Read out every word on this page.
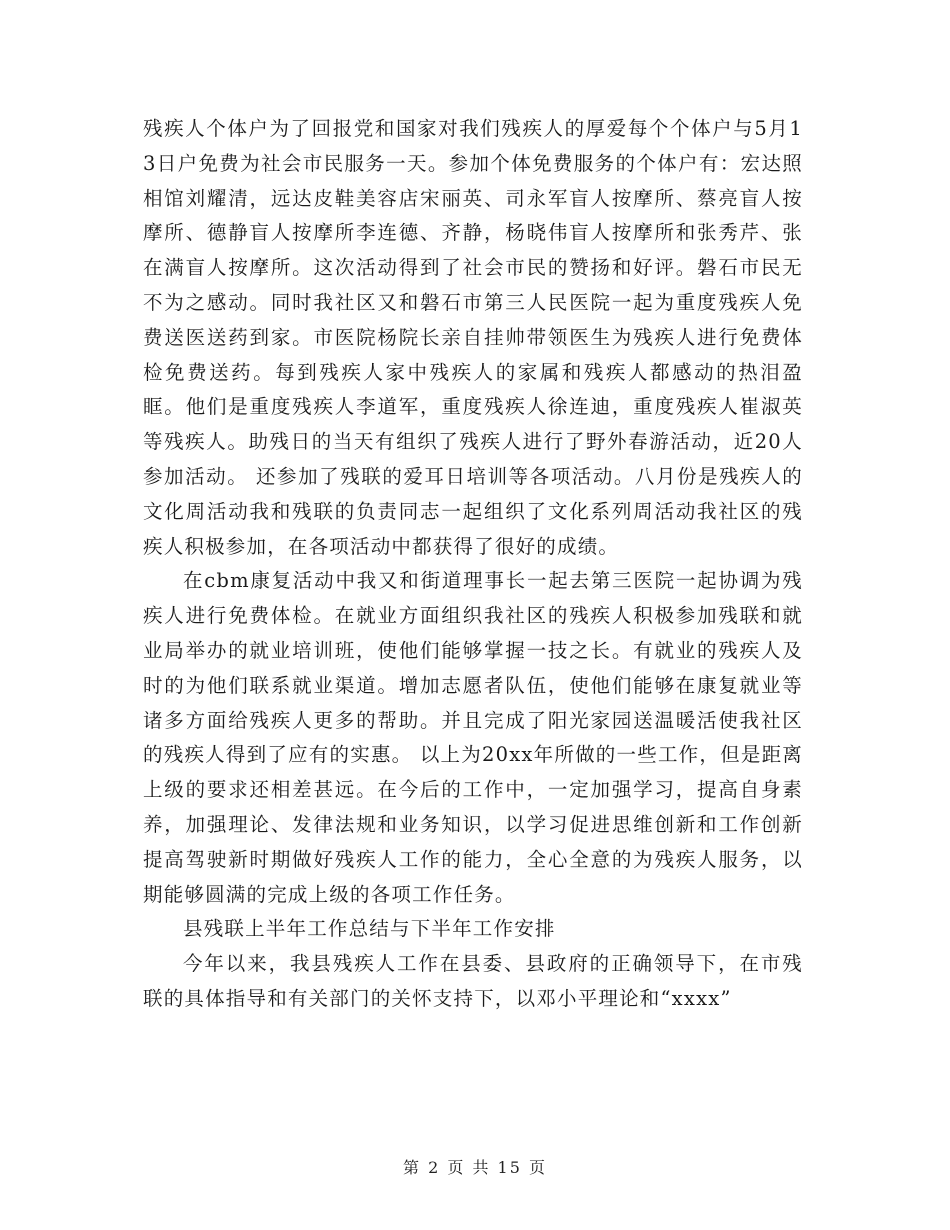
残疾人个体户为了回报党和国家对我们残疾人的厚爱每个个体户与5月13日户免费为社会市民服务一天。参加个体免费服务的个体户有：宏达照相馆刘耀清，远达皮鞋美容店宋丽英、司永军盲人按摩所、蔡亮盲人按摩所、德静盲人按摩所李连德、齐静，杨晓伟盲人按摩所和张秀芹、张在满盲人按摩所。这次活动得到了社会市民的赞扬和好评。磐石市民无不为之感动。同时我社区又和磐石市第三人民医院一起为重度残疾人免费送医送药到家。市医院杨院长亲自挂帅带领医生为残疾人进行免费体检免费送药。每到残疾人家中残疾人的家属和残疾人都感动的热泪盈眶。他们是重度残疾人李道军，重度残疾人徐连迪，重度残疾人崔淑英等残疾人。助残日的当天有组织了残疾人进行了野外春游活动，近20人参加活动。 还参加了残联的爱耳日培训等各项活动。八月份是残疾人的文化周活动我和残联的负责同志一起组织了文化系列周活动我社区的残疾人积极参加，在各项活动中都获得了很好的成绩。

在cbm康复活动中我又和街道理事长一起去第三医院一起协调为残疾人进行免费体检。在就业方面组织我社区的残疾人积极参加残联和就业局举办的就业培训班，使他们能够掌握一技之长。有就业的残疾人及时的为他们联系就业渠道。增加志愿者队伍，使他们能够在康复就业等诸多方面给残疾人更多的帮助。并且完成了阳光家园送温暖活使我社区的残疾人得到了应有的实惠。 以上为20xx年所做的一些工作，但是距离上级的要求还相差甚远。在今后的工作中，一定加强学习，提高自身素养，加强理论、发律法规和业务知识，以学习促进思维创新和工作创新提高驾驶新时期做好残疾人工作的能力，全心全意的为残疾人服务，以期能够圆满的完成上级的各项工作任务。

县残联上半年工作总结与下半年工作安排

今年以来，我县残疾人工作在县委、县政府的正确领导下，在市残联的具体指导和有关部门的关怀支持下，以邓小平理论和“xxxx”

第 2 页 共 15 页
